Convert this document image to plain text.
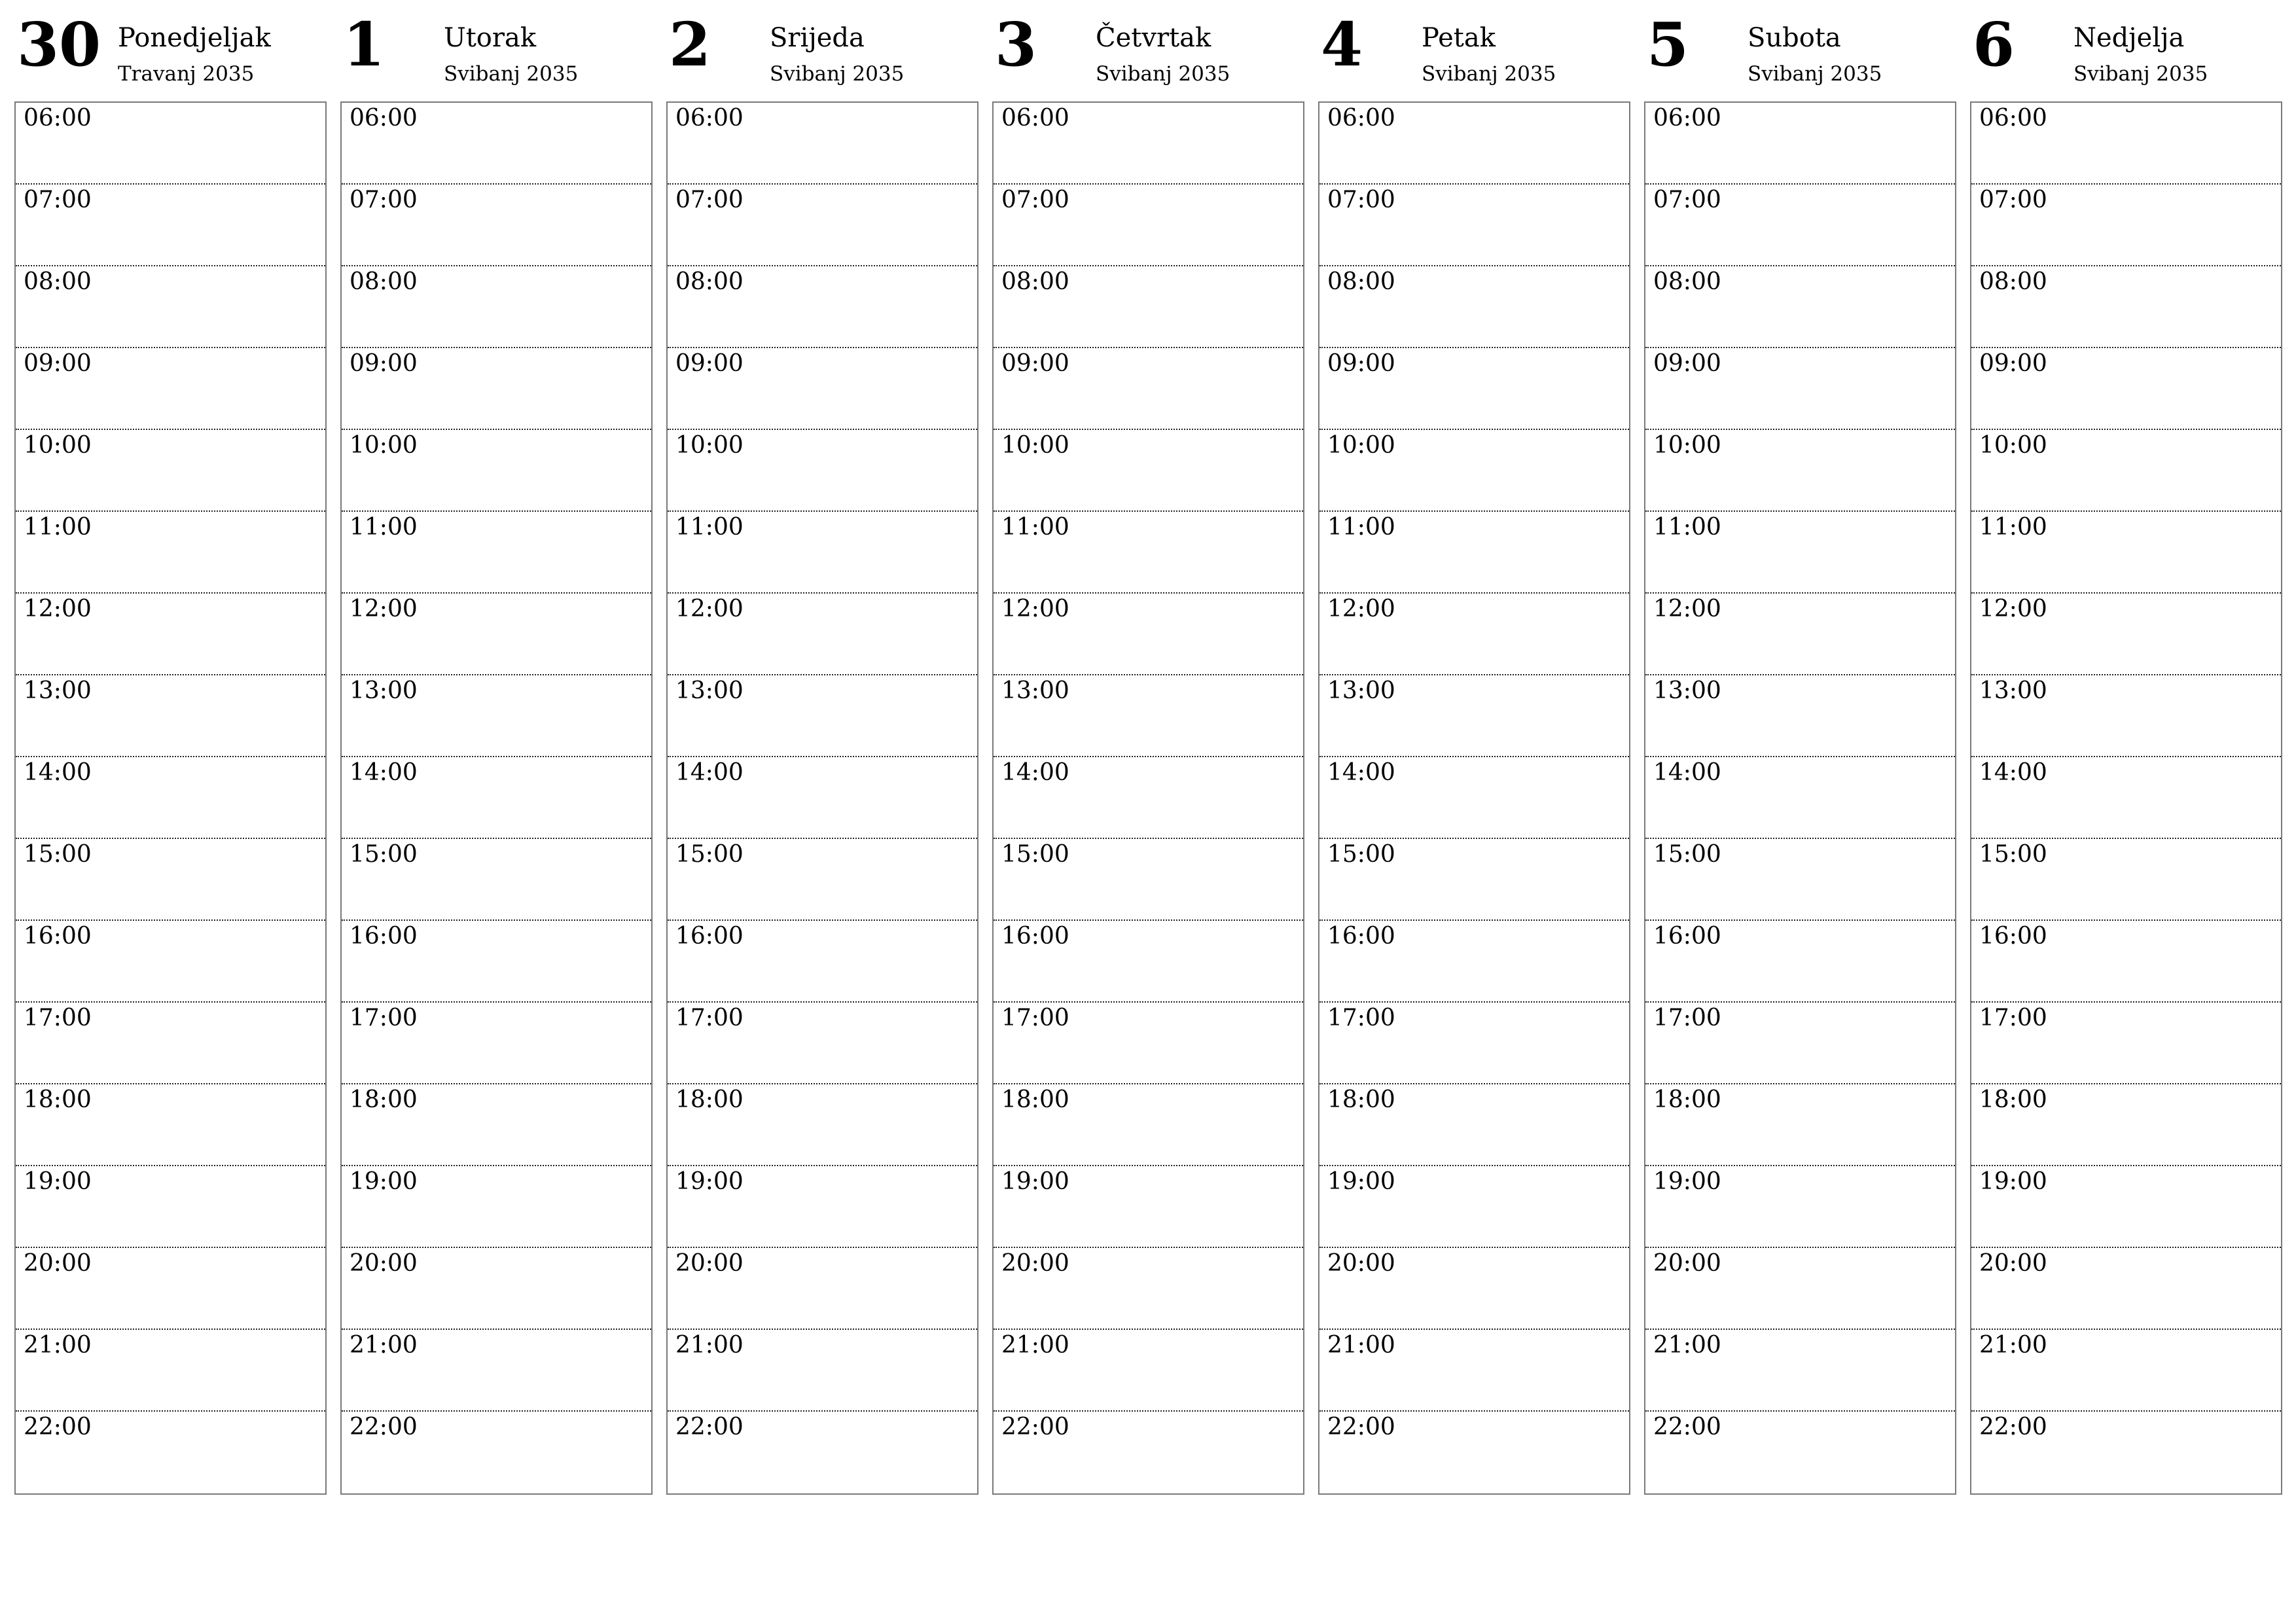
30 Ponedjeljak
Travanj 2035
06:00
07:00
08:00
09:00
10:00
11:00
12:00
13:00
14:00
15:00
16:00
17:00
18:00
19:00
20:00
21:00
22:00
1 Utorak
Svibanj 2035
06:00
07:00
08:00
09:00
10:00
11:00
12:00
13:00
14:00
15:00
16:00
17:00
18:00
19:00
20:00
21:00
22:00
2 Srijeda
Svibanj 2035
06:00
07:00
08:00
09:00
10:00
11:00
12:00
13:00
14:00
15:00
16:00
17:00
18:00
19:00
20:00
21:00
22:00
3 Četvrtak
Svibanj 2035
06:00
07:00
08:00
09:00
10:00
11:00
12:00
13:00
14:00
15:00
16:00
17:00
18:00
19:00
20:00
21:00
22:00
4 Petak
Svibanj 2035
06:00
07:00
08:00
09:00
10:00
11:00
12:00
13:00
14:00
15:00
16:00
17:00
18:00
19:00
20:00
21:00
22:00
5 Subota
Svibanj 2035
06:00
07:00
08:00
09:00
10:00
11:00
12:00
13:00
14:00
15:00
16:00
17:00
18:00
19:00
20:00
21:00
22:00
6 Nedjelja
Svibanj 2035
06:00
07:00
08:00
09:00
10:00
11:00
12:00
13:00
14:00
15:00
16:00
17:00
18:00
19:00
20:00
21:00
22:00
